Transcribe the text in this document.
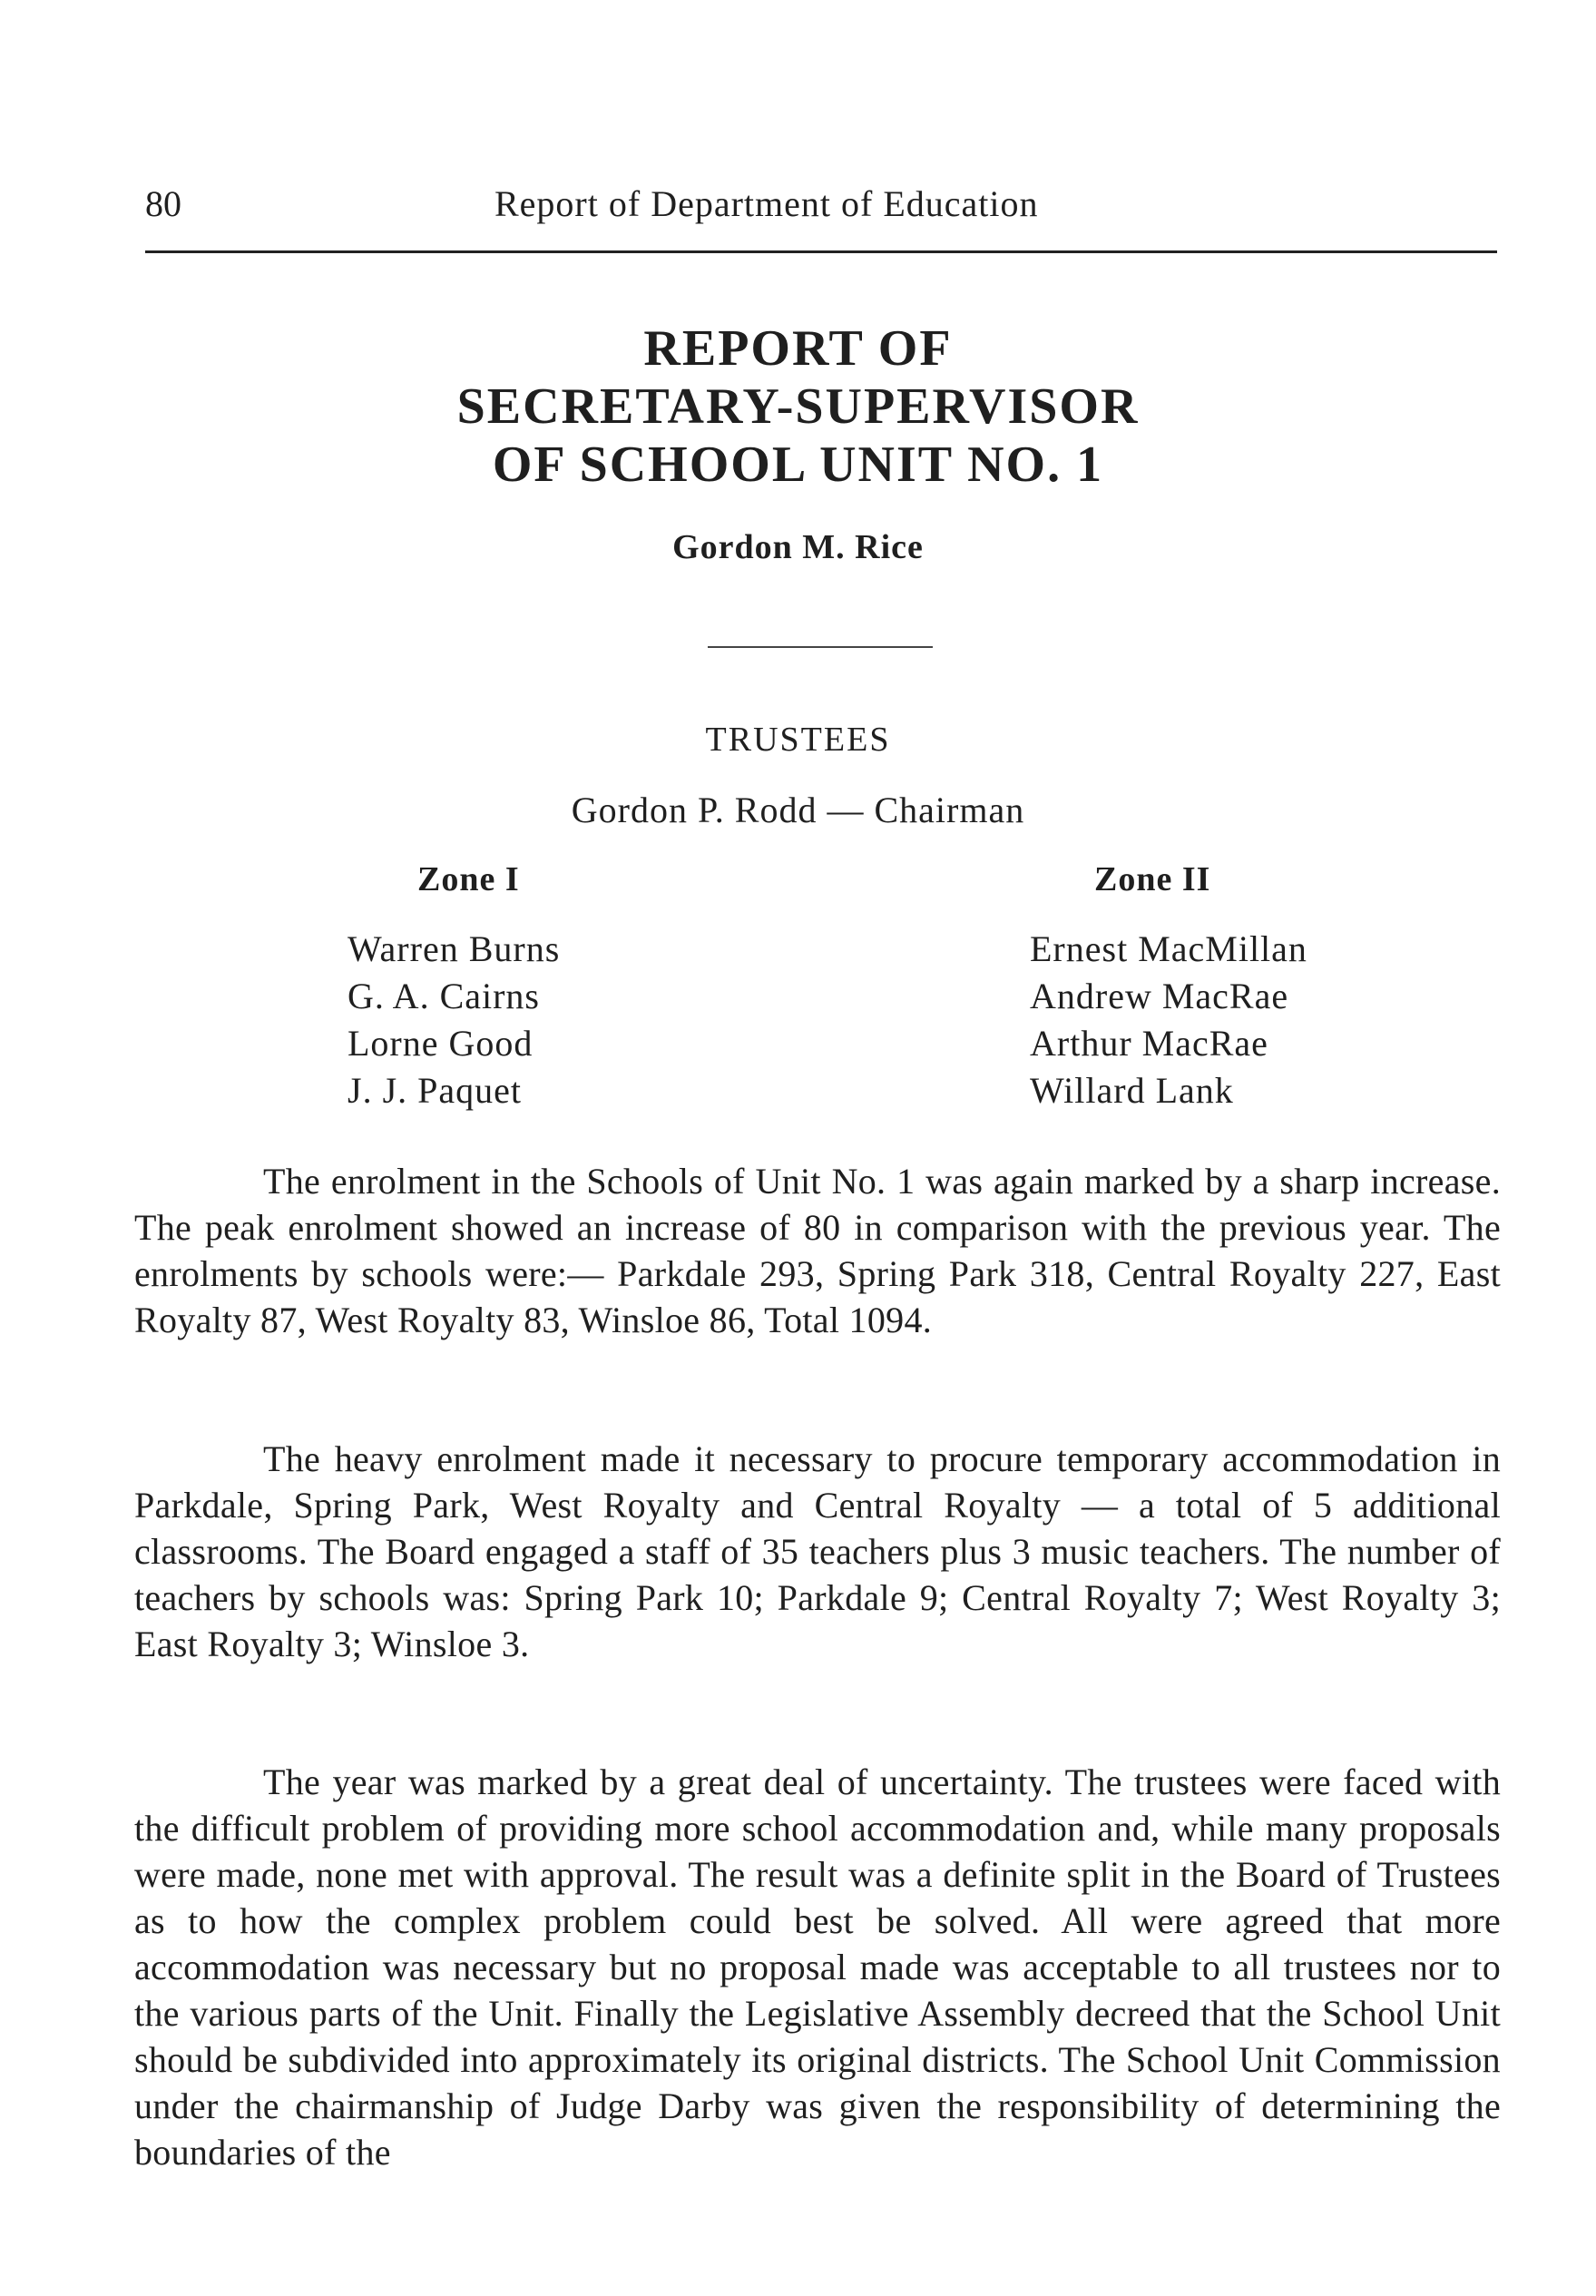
80	Report of Department of Education
REPORT OF
SECRETARY-SUPERVISOR
OF SCHOOL UNIT NO. 1
Gordon M. Rice
TRUSTEES
Gordon P. Rodd — Chairman
Zone I	Zone II
Warren Burns
G. A. Cairns
Lorne Good
J. J. Paquet
Ernest MacMillan
Andrew MacRae
Arthur MacRae
Willard Lank

The enrolment in the Schools of Unit No. 1 was again marked by a sharp increase. The peak enrolment showed an increase of 80 in comparison with the previous year. The enrolments by schools were:— Parkdale 293, Spring Park 318, Central Royalty 227, East Royalty 87, West Royalty 83, Winsloe 86, Total 1094.

The heavy enrolment made it necessary to procure temporary accommodation in Parkdale, Spring Park, West Royalty and Central Royalty — a total of 5 additional classrooms. The Board engaged a staff of 35 teachers plus 3 music teachers. The number of teachers by schools was: Spring Park 10; Parkdale 9; Central Royalty 7; West Royalty 3; East Royalty 3; Winsloe 3.

The year was marked by a great deal of uncertainty. The trustees were faced with the difficult problem of providing more school accommodation and, while many proposals were made, none met with approval. The result was a definite split in the Board of Trustees as to how the complex problem could best be solved. All were agreed that more accommodation was necessary but no proposal made was acceptable to all trustees nor to the various parts of the Unit. Finally the Legislative Assembly decreed that the School Unit should be subdivided into approximately its original districts. The School Unit Commission under the chairmanship of Judge Darby was given the responsibility of determining the boundaries of the
